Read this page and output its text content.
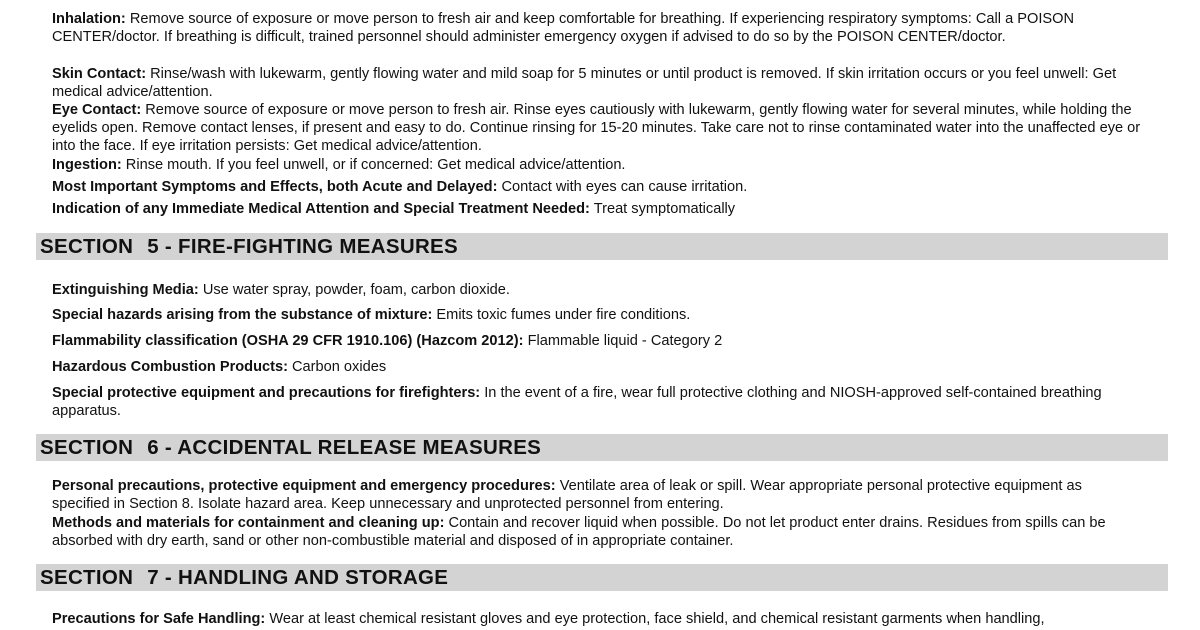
Inhalation: Remove source of exposure or move person to fresh air and keep comfortable for breathing. If experiencing respiratory symptoms: Call a POISON CENTER/doctor. If breathing is difficult, trained personnel should administer emergency oxygen if advised to do so by the POISON CENTER/doctor.

Skin Contact: Rinse/wash with lukewarm, gently flowing water and mild soap for 5 minutes or until product is removed. If skin irritation occurs or you feel unwell: Get medical advice/attention.

Eye Contact: Remove source of exposure or move person to fresh air. Rinse eyes cautiously with lukewarm, gently flowing water for several minutes, while holding the eyelids open. Remove contact lenses, if present and easy to do. Continue rinsing for 15-20 minutes. Take care not to rinse contaminated water into the unaffected eye or into the face. If eye irritation persists: Get medical advice/attention.

Ingestion: Rinse mouth. If you feel unwell, or if concerned: Get medical advice/attention.

Most Important Symptoms and Effects, both Acute and Delayed: Contact with eyes can cause irritation.

Indication of any Immediate Medical Attention and Special Treatment Needed: Treat symptomatically

SECTION 5 - FIRE-FIGHTING MEASURES

Extinguishing Media: Use water spray, powder, foam, carbon dioxide.

Special hazards arising from the substance of mixture: Emits toxic fumes under fire conditions.

Flammability classification (OSHA 29 CFR 1910.106) (Hazcom 2012): Flammable liquid - Category 2

Hazardous Combustion Products: Carbon oxides

Special protective equipment and precautions for firefighters: In the event of a fire, wear full protective clothing and NIOSH-approved self-contained breathing apparatus.

SECTION 6 - ACCIDENTAL RELEASE MEASURES

Personal precautions, protective equipment and emergency procedures: Ventilate area of leak or spill. Wear appropriate personal protective equipment as specified in Section 8. Isolate hazard area. Keep unnecessary and unprotected personnel from entering.

Methods and materials for containment and cleaning up: Contain and recover liquid when possible. Do not let product enter drains. Residues from spills can be absorbed with dry earth, sand or other non-combustible material and disposed of in appropriate container.

SECTION 7 - HANDLING AND STORAGE

Precautions for Safe Handling: Wear at least chemical resistant gloves and eye protection, face shield, and chemical resistant garments when handling,
